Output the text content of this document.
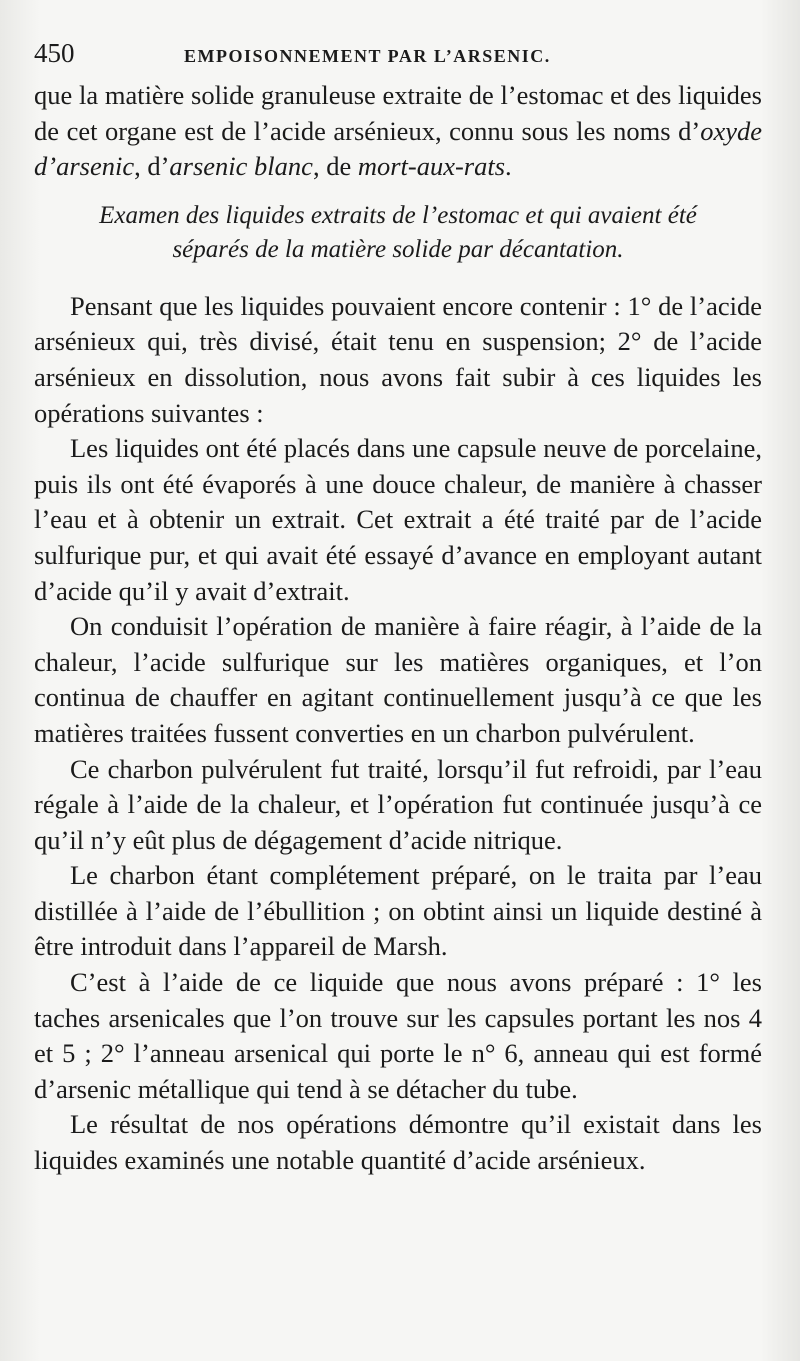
450	EMPOISONNEMENT PAR L’ARSENIC.

que la matière solide granuleuse extraite de l’estomac et des liquides de cet organe est de l’acide arsénieux, connu sous les noms d’oxyde d’arsenic, d’arsenic blanc, de mort-aux-rats.

Examen des liquides extraits de l’estomac et qui avaient été
séparés de la matière solide par décantation.

Pensant que les liquides pouvaient encore contenir : 1° de l’acide arsénieux qui, très divisé, était tenu en suspension; 2° de l’acide arsénieux en dissolution, nous avons fait subir à ces liquides les opérations suivantes :

Les liquides ont été placés dans une capsule neuve de porcelaine, puis ils ont été évaporés à une douce chaleur, de manière à chasser l’eau et à obtenir un extrait. Cet extrait a été traité par de l’acide sulfurique pur, et qui avait été essayé d’avance en employant autant d’acide qu’il y avait d’extrait.

On conduisit l’opération de manière à faire réagir, à l’aide de la chaleur, l’acide sulfurique sur les matières organiques, et l’on continua de chauffer en agitant continuellement jusqu’à ce que les matières traitées fussent converties en un charbon pulvérulent.

Ce charbon pulvérulent fut traité, lorsqu’il fut refroidi, par l’eau régale à l’aide de la chaleur, et l’opération fut continuée jusqu’à ce qu’il n’y eût plus de dégagement d’acide nitrique.

Le charbon étant complétement préparé, on le traita par l’eau distillée à l’aide de l’ébullition ; on obtint ainsi un liquide destiné à être introduit dans l’appareil de Marsh.

C’est à l’aide de ce liquide que nous avons préparé : 1° les taches arsenicales que l’on trouve sur les capsules portant les nos 4 et 5 ; 2° l’anneau arsenical qui porte le n° 6, anneau qui est formé d’arsenic métallique qui tend à se détacher du tube.

Le résultat de nos opérations démontre qu’il existait dans les liquides examinés une notable quantité d’acide arsénieux.
